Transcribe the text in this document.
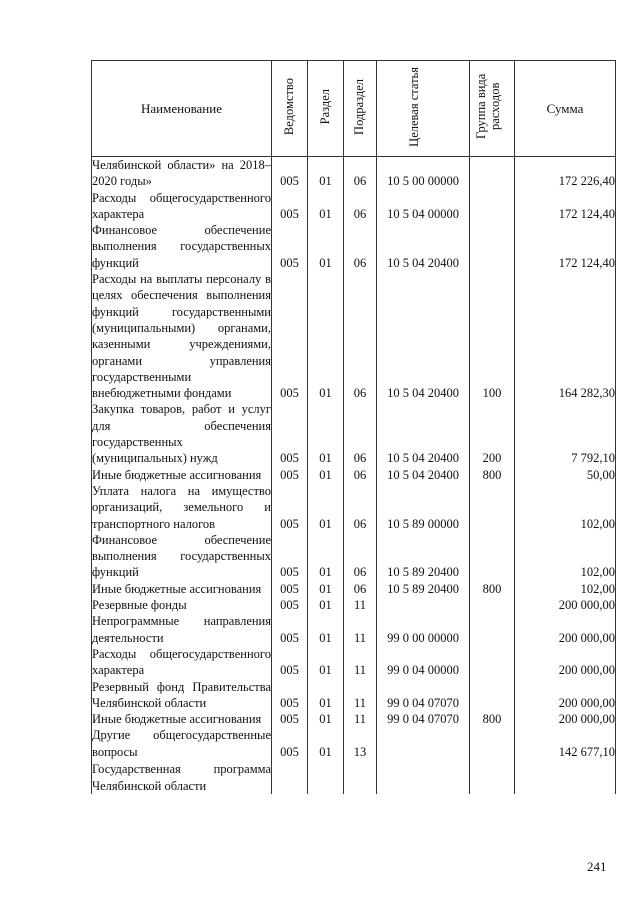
Наименование	Ведомство	Раздел	Подраздел	Целевая статья	Группа вида расходов	Сумма
Челябинской области» на 2018–2020 годы»	005	01	06	10 5 00 00000		172 226,40
Расходы общегосударственного характера	005	01	06	10 5 04 00000		172 124,40
Финансовое обеспечение выполнения государственных функций	005	01	06	10 5 04 20400		172 124,40
Расходы на выплаты персоналу в целях обеспечения выполнения функций государственными (муниципальными) органами, казенными учреждениями, органами управления государственными внебюджетными фондами	005	01	06	10 5 04 20400	100	164 282,30
Закупка товаров, работ и услуг для обеспечения государственных (муниципальных) нужд	005	01	06	10 5 04 20400	200	7 792,10
Иные бюджетные ассигнования	005	01	06	10 5 04 20400	800	50,00
Уплата налога на имущество организаций, земельного и транспортного налогов	005	01	06	10 5 89 00000		102,00
Финансовое обеспечение выполнения государственных функций	005	01	06	10 5 89 20400		102,00
Иные бюджетные ассигнования	005	01	06	10 5 89 20400	800	102,00
Резервные фонды	005	01	11			200 000,00
Непрограммные направления деятельности	005	01	11	99 0 00 00000		200 000,00
Расходы общегосударственного характера	005	01	11	99 0 04 00000		200 000,00
Резервный фонд Правительства Челябинской области	005	01	11	99 0 04 07070		200 000,00
Иные бюджетные ассигнования	005	01	11	99 0 04 07070	800	200 000,00
Другие общегосударственные вопросы	005	01	13			142 677,10
Государственная программа Челябинской области						
241
